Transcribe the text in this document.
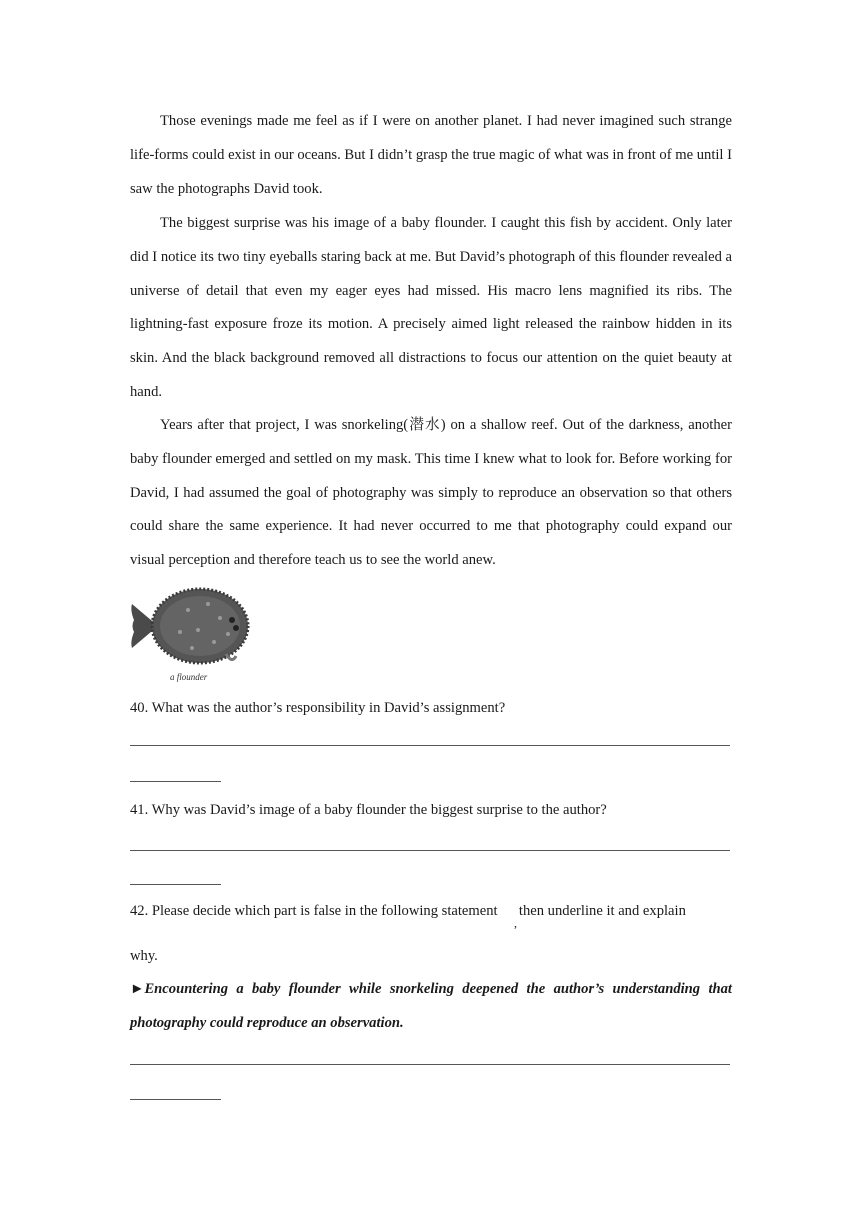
Those evenings made me feel as if I were on another planet. I had never imagined such strange life-forms could exist in our oceans. But I didn’t grasp the true magic of what was in front of me until I saw the photographs David took.

The biggest surprise was his image of a baby flounder. I caught this fish by accident. Only later did I notice its two tiny eyeballs staring back at me. But David’s photograph of this flounder revealed a universe of detail that even my eager eyes had missed. His macro lens magnified its ribs. The lightning-fast exposure froze its motion. A precisely aimed light released the rainbow hidden in its skin. And the black background removed all distractions to focus our attention on the quiet beauty at hand.

Years after that project, I was snorkeling(潜水) on a shallow reef. Out of the darkness, another baby flounder emerged and settled on my mask. This time I knew what to look for. Before working for David, I had assumed the goal of photography was simply to reproduce an observation so that others could share the same experience. It had never occurred to me that photography could expand our visual perception and therefore teach us to see the world anew.

a flounder

40. What was the author’s responsibility in David’s assignment?

41. Why was David’s image of a baby flounder the biggest surprise to the author?

42. Please decide which part is false in the following statement then underline it and explain

,

why.

►Encountering a baby flounder while snorkeling deepened the author’s understanding that photography could reproduce an observation.
